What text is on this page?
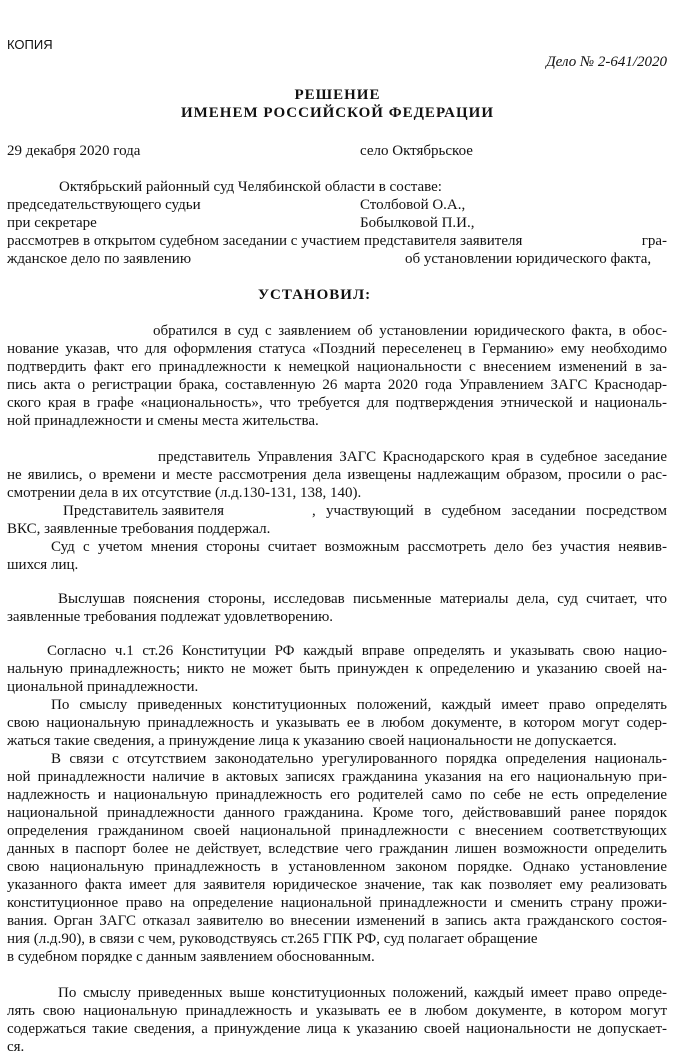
КОПИЯ
Дело № 2-641/2020
РЕШЕНИЕ
ИМЕНЕМ РОССИЙСКОЙ ФЕДЕРАЦИИ
29 декабря 2020 года	село Октябрьское
Октябрьский районный суд Челябинской области в составе:
председательствующего судьи	Столбовой О.А.,
при секретаре	Бобылковой П.И.,
рассмотрев в открытом судебном заседании с участием представителя заявителя	гра-
жданское дело по заявлению	об установлении юридического факта,
УСТАНОВИЛ:
обратился в суд с заявлением об установлении юридического факта, в обос-
нование указав, что для оформления статуса «Поздний переселенец в Германию» ему необходимо
подтвердить факт его принадлежности к немецкой национальности с внесением изменений в за-
пись акта о регистрации брака, составленную 26 марта 2020 года Управлением ЗАГС Краснодар-
ского края в графе «национальность», что требуется для подтверждения этнической и националь-
ной принадлежности и смены места жительства.
представитель Управления ЗАГС Краснодарского края в судебное заседание
не явились, о времени и месте рассмотрения дела извещены надлежащим образом, просили о рас-
смотрении дела в их отсутствие (л.д.130-131, 138, 140).
Представитель заявителя	, участвующий в судебном заседании посредством
ВКС, заявленные требования поддержал.
Суд с учетом мнения стороны считает возможным рассмотреть дело без участия неявив-
шихся лиц.
Выслушав пояснения стороны, исследовав письменные материалы дела, суд считает, что
заявленные требования подлежат удовлетворению.
Согласно ч.1 ст.26 Конституции РФ каждый вправе определять и указывать свою нацио-
нальную принадлежность; никто не может быть принужден к определению и указанию своей на-
циональной принадлежности.
По смыслу приведенных конституционных положений, каждый имеет право определять
свою национальную принадлежность и указывать ее в любом документе, в котором могут содер-
жаться такие сведения, а принуждение лица к указанию своей национальности не допускается.
В связи с отсутствием законодательно урегулированного порядка определения националь-
ной принадлежности наличие в актовых записях гражданина указания на его национальную при-
надлежность и национальную принадлежность его родителей само по себе не есть определение
национальной принадлежности данного гражданина. Кроме того, действовавший ранее порядок
определения гражданином своей национальной принадлежности с внесением соответствующих
данных в паспорт более не действует, вследствие чего гражданин лишен возможности определить
свою национальную принадлежность в установленном законом порядке. Однако установление
указанного факта имеет для заявителя юридическое значение, так как позволяет ему реализовать
конституционное право на определение национальной принадлежности и сменить страну прожи-
вания. Орган ЗАГС отказал заявителю во внесении изменений в запись акта гражданского состоя-
ния (л.д.90), в связи с чем, руководствуясь ст.265 ГПК РФ, суд полагает обращение
в судебном порядке с данным заявлением обоснованным.
По смыслу приведенных выше конституционных положений, каждый имеет право опреде-
лять свою национальную принадлежность и указывать ее в любом документе, в котором могут
содержаться такие сведения, а принуждение лица к указанию своей национальности не допускает-
ся.
